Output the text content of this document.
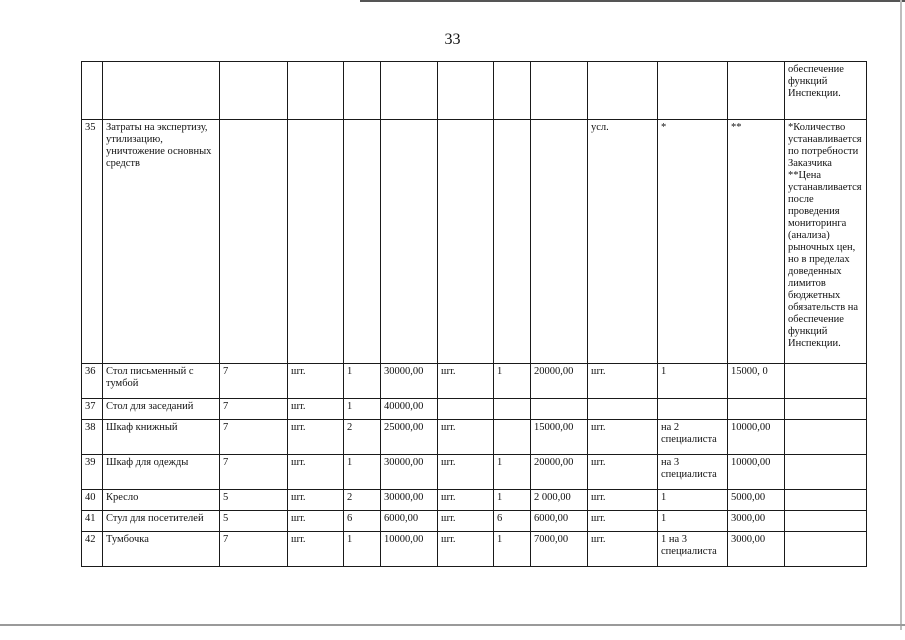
33
												обеспечение функций Инспекции.
35	Затраты на экспертизу, утилизацию, уничтожение основных средств								усл.	*	**	*Количество устанавливается по потребности Заказчика **Цена устанавливается после проведения мониторинга (анализа) рыночных цен, но в пределах доведенных лимитов бюджетных обязательств на обеспечение функций Инспекции.
36	Стол письменный с тумбой	7	шт.	1	30000,00	шт.	1	20000,00	шт.	1	15000, 0	
37	Стол для заседаний	7	шт.	1	40000,00							
38	Шкаф книжный	7	шт.	2	25000,00	шт.		15000,00	шт.	на 2 специалиста	10000,00	
39	Шкаф для одежды	7	шт.	1	30000,00	шт.	1	20000,00	шт.	на 3 специалиста	10000,00	
40	Кресло	5	шт.	2	30000,00	шт.	1	2 000,00	шт.	1	5000,00	
41	Стул для посетителей	5	шт.	6	6000,00	шт.	6	6000,00	шт.	1	3000,00	
42	Тумбочка	7	шт.	1	10000,00	шт.	1	7000,00	шт.	1 на 3 специалиста	3000,00	
